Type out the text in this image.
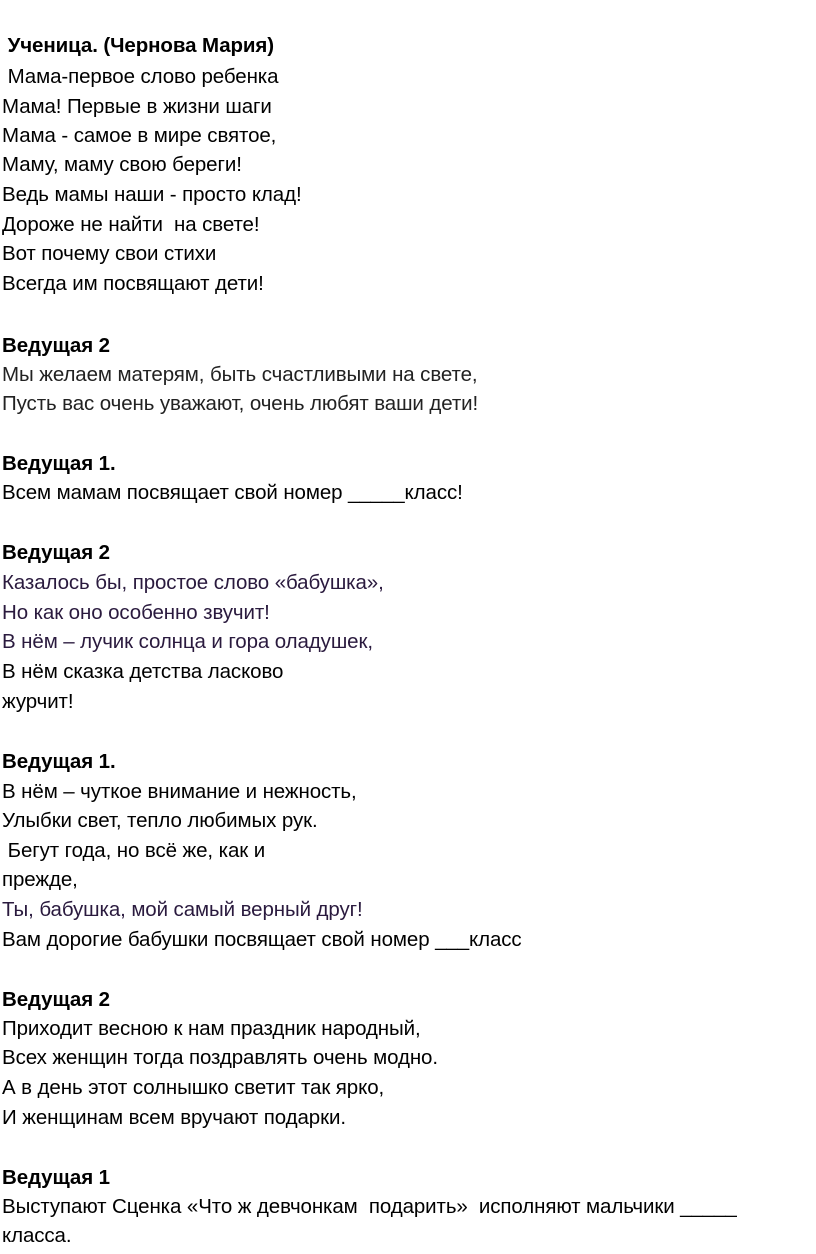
Ученица. (Чернова Мария)
Мама-первое слово ребенка
Мама! Первые в жизни шаги
Мама - самое в мире святое,
Маму, маму свою береги!
Ведь мамы наши - просто клад!
Дороже не найти  на свете!
Вот почему свои стихи
Всегда им посвящают дети!
Ведущая 2
Мы желаем матерям, быть счастливыми на свете,
Пусть вас очень уважают, очень любят ваши дети!
Ведущая 1.
Всем мамам посвящает свой номер _____класс!
Ведущая 2
Казалось бы, простое слово «бабушка»,
Но как оно особенно звучит!
В нём – лучик солнца и гора оладушек,
В нём сказка детства ласково
журчит!
Ведущая 1.
В нём – чуткое внимание и нежность,
Улыбки свет, тепло любимых рук.
Бегут года, но всё же, как и
прежде,
Ты, бабушка, мой самый верный друг!
Вам дорогие бабушки посвящает свой номер ___класс
Ведущая 2
Приходит весною к нам праздник народный,
Всех женщин тогда поздравлять очень модно.
А в день этот солнышко светит так ярко,
И женщинам всем вручают подарки.
Ведущая 1
Выступают Сценка «Что ж девчонкам  подарить»  исполняют мальчики _____
класса.
